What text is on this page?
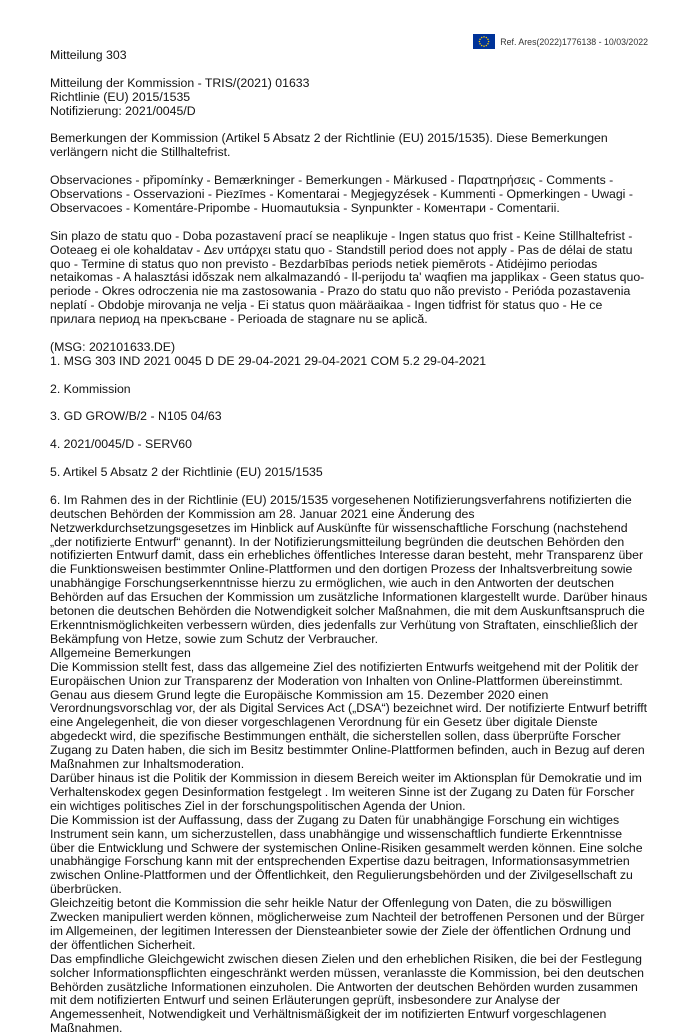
Ref. Ares(2022)1776138 - 10/03/2022

Mitteilung 303

Mitteilung der Kommission - TRIS/(2021) 01633

Richtlinie (EU) 2015/1535

Notifizierung: 2021/0045/D

Bemerkungen der Kommission (Artikel 5 Absatz 2 der Richtlinie (EU) 2015/1535). Diese Bemerkungen verlängern nicht die Stillhaltefrist.

Observaciones - připomínky - Bemærkninger - Bemerkungen - Märkused - Παρατηρήσεις - Comments - Observations - Osservazioni - Piezīmes - Komentarai - Megjegyzések - Kummenti - Opmerkingen - Uwagi - Observacoes - Komentáre-Pripombe - Huomautuksia - Synpunkter - Коментари - Comentarii.

Sin plazo de statu quo - Doba pozastavení prací se neaplikuje - Ingen status quo frist - Keine Stillhaltefrist - Ooteaeg ei ole kohaldatav - Δεν υπάρχει statu quo - Standstill period does not apply - Pas de délai de statu quo - Termine di status quo non previsto - Bezdarbības periods netiek piemērots - Atidėjimo periodas netaikomas - A halasztási időszak nem alkalmazandó - Il-perijodu ta' waqfien ma japplikax - Geen status quo-periode - Okres odroczenia nie ma zastosowania - Prazo do statu quo não previsto - Perióda pozastavenia neplatí - Obdobje mirovanja ne velja - Ei status quon määräaikaa - Ingen tidfrist för status quo - Не се прилага период на прекъсване - Perioada de stagnare nu se aplică.

(MSG: 202101633.DE)

1. MSG 303 IND 2021 0045 D DE 29-04-2021 29-04-2021 COM 5.2 29-04-2021

2. Kommission

3. GD GROW/B/2 - N105 04/63

4. 2021/0045/D - SERV60

5. Artikel 5 Absatz 2 der Richtlinie (EU) 2015/1535

6. Im Rahmen des in der Richtlinie (EU) 2015/1535 vorgesehenen Notifizierungsverfahrens notifizierten die deutschen Behörden der Kommission am 28. Januar 2021 eine Änderung des Netzwerkdurchsetzungsgesetzes im Hinblick auf Auskünfte für wissenschaftliche Forschung (nachstehend „der notifizierte Entwurf“ genannt). In der Notifizierungsmitteilung begründen die deutschen Behörden den notifizierten Entwurf damit, dass ein erhebliches öffentliches Interesse daran besteht, mehr Transparenz über die Funktionsweisen bestimmter Online-Plattformen und den dortigen Prozess der Inhaltsverbreitung sowie unabhängige Forschungserkenntnisse hierzu zu ermöglichen, wie auch in den Antworten der deutschen Behörden auf das Ersuchen der Kommission um zusätzliche Informationen klargestellt wurde. Darüber hinaus betonen die deutschen Behörden die Notwendigkeit solcher Maßnahmen, die mit dem Auskunftsanspruch die Erkenntnismöglichkeiten verbessern würden, dies jedenfalls zur Verhütung von Straftaten, einschließlich der Bekämpfung von Hetze, sowie zum Schutz der Verbraucher.

Allgemeine Bemerkungen

Die Kommission stellt fest, dass das allgemeine Ziel des notifizierten Entwurfs weitgehend mit der Politik der Europäischen Union zur Transparenz der Moderation von Inhalten von Online-Plattformen übereinstimmt.

Genau aus diesem Grund legte die Europäische Kommission am 15. Dezember 2020 einen Verordnungsvorschlag vor, der als Digital Services Act („DSA“) bezeichnet wird. Der notifizierte Entwurf betrifft eine Angelegenheit, die von dieser vorgeschlagenen Verordnung für ein Gesetz über digitale Dienste abgedeckt wird, die spezifische Bestimmungen enthält, die sicherstellen sollen, dass überprüfte Forscher Zugang zu Daten haben, die sich im Besitz bestimmter Online-Plattformen befinden, auch in Bezug auf deren Maßnahmen zur Inhaltsmoderation.

Darüber hinaus ist die Politik der Kommission in diesem Bereich weiter im Aktionsplan für Demokratie und im Verhaltenskodex gegen Desinformation festgelegt . Im weiteren Sinne ist der Zugang zu Daten für Forscher ein wichtiges politisches Ziel in der forschungspolitischen Agenda der Union.

Die Kommission ist der Auffassung, dass der Zugang zu Daten für unabhängige Forschung ein wichtiges Instrument sein kann, um sicherzustellen, dass unabhängige und wissenschaftlich fundierte Erkenntnisse über die Entwicklung und Schwere der systemischen Online-Risiken gesammelt werden können. Eine solche unabhängige Forschung kann mit der entsprechenden Expertise dazu beitragen, Informationsasymmetrien zwischen Online-Plattformen und der Öffentlichkeit, den Regulierungsbehörden und der Zivilgesellschaft zu überbrücken.

Gleichzeitig betont die Kommission die sehr heikle Natur der Offenlegung von Daten, die zu böswilligen Zwecken manipuliert werden können, möglicherweise zum Nachteil der betroffenen Personen und der Bürger im Allgemeinen, der legitimen Interessen der Diensteanbieter sowie der Ziele der öffentlichen Ordnung und der öffentlichen Sicherheit.

Das empfindliche Gleichgewicht zwischen diesen Zielen und den erheblichen Risiken, die bei der Festlegung solcher Informationspflichten eingeschränkt werden müssen, veranlasste die Kommission, bei den deutschen Behörden zusätzliche Informationen einzuholen. Die Antworten der deutschen Behörden wurden zusammen mit dem notifizierten Entwurf und seinen Erläuterungen geprüft, insbesondere zur Analyse der Angemessenheit, Notwendigkeit und Verhältnismäßigkeit der im notifizierten Entwurf vorgeschlagenen Maßnahmen.
